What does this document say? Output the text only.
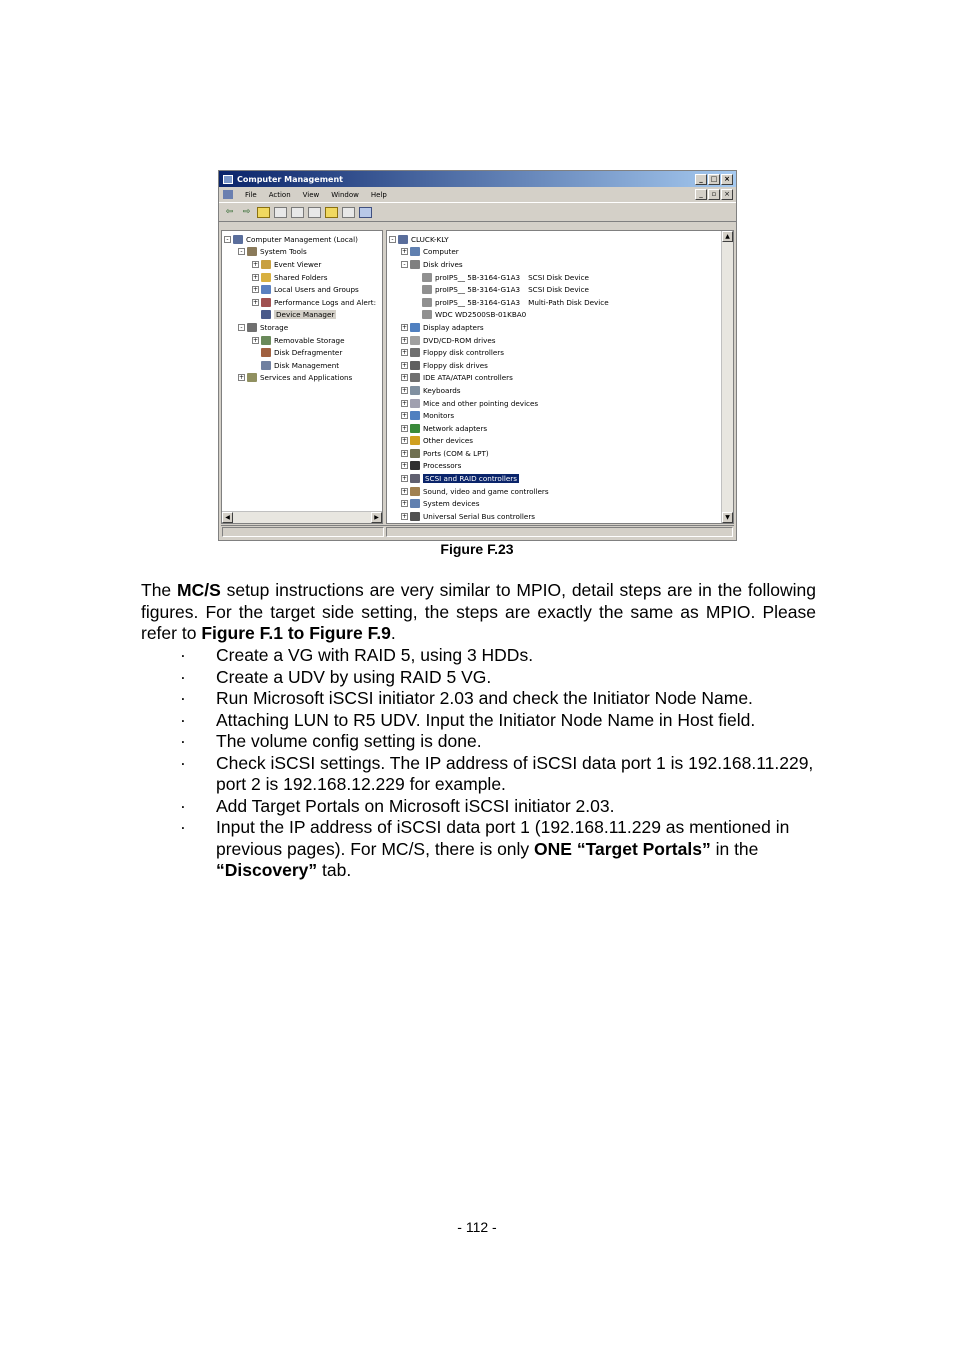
Computer Management	_	□ ×
File Action View Window Help	_	▫	×
⇦	⇨
-	Computer Management (Local)
-	System Tools
+ Event Viewer
+ Shared Folders
+ Local Users and Groups
+ Performance Logs and Alert:
Device Manager
-	Storage
+ Removable Storage
Disk Defragmenter
Disk Management
+ Services and Applications
◀	▶
-	CLUCK-KLY
+ Computer
-	Disk drives
proIPS__ 5B-3164-G1A3 SCSI Disk Device
proIPS__ 5B-3164-G1A3 SCSI Disk Device
proIPS__ 5B-3164-G1A3 Multi-Path Disk Device
WDC WD2500SB-01KBA0
+ Display adapters
+ DVD/CD-ROM drives
+ Floppy disk controllers
+ Floppy disk drives
+ IDE ATA/ATAPI controllers
+ Keyboards
+ Mice and other pointing devices
+ Monitors
+ Network adapters
+ Other devices
+ Ports (COM & LPT)
+ Processors
+ SCSI and RAID controllers
+ Sound, video and game controllers
+ System devices
+ Universal Serial Bus controllers
▲
▼
Figure F.23
The MC/S setup instructions are very similar to MPIO, detail steps are in the following figures. For the target side setting, the steps are exactly the same as MPIO. Please refer to Figure F.1 to Figure F.9.
· Create a VG with RAID 5, using 3 HDDs.
· Create a UDV by using RAID 5 VG.
· Run Microsoft iSCSI initiator 2.03 and check the Initiator Node Name.
· Attaching LUN to R5 UDV. Input the Initiator Node Name in Host field.
· The volume config setting is done.
· Check iSCSI settings. The IP address of iSCSI data port 1 is 192.168.11.229, port 2 is 192.168.12.229 for example.
· Add Target Portals on Microsoft iSCSI initiator 2.03.
· Input the IP address of iSCSI data port 1 (192.168.11.229 as mentioned in previous pages). For MC/S, there is only ONE “Target Portals” in the “Discovery” tab.
- 112 -
